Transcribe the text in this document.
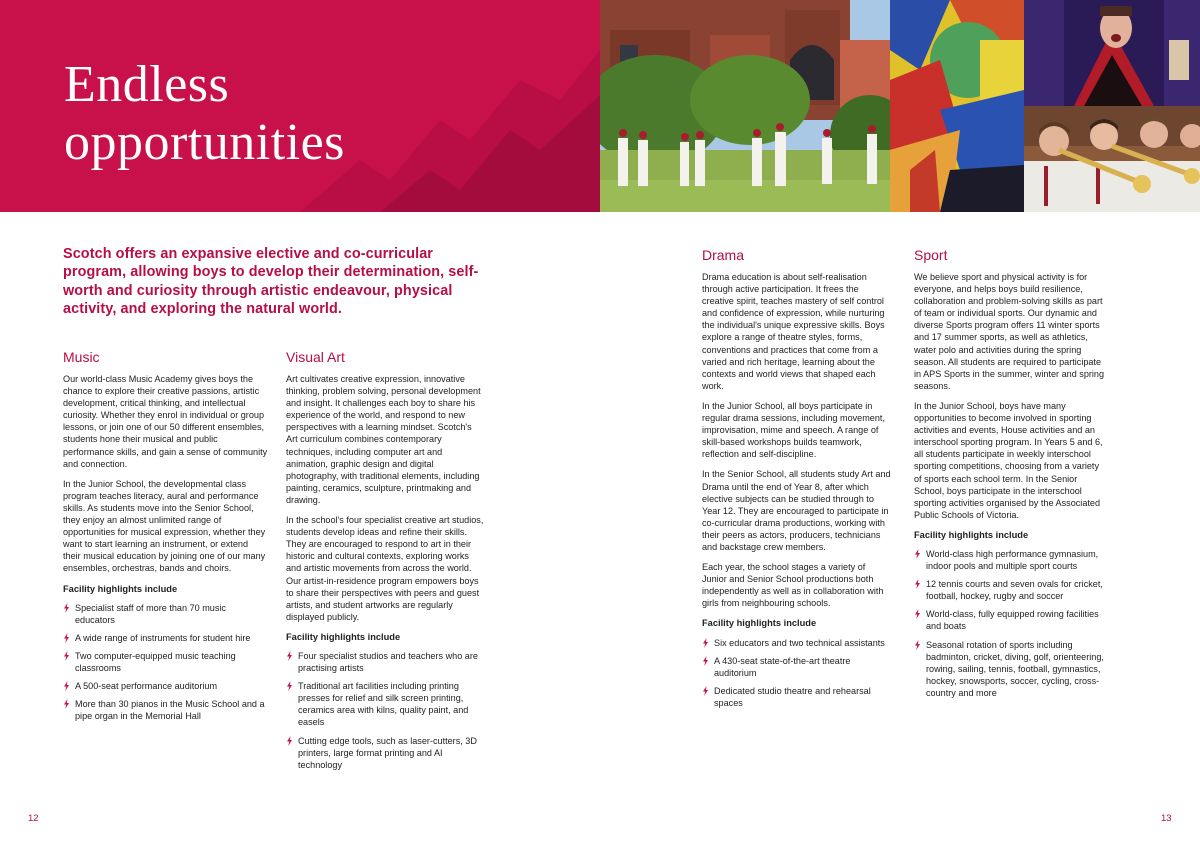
Endless
opportunities

Scotch offers an expansive elective and co-curricular program, allowing boys to develop their determination, self-worth and curiosity through artistic endeavour, physical activity, and exploring the natural world.

Music

Our world-class Music Academy gives boys the chance to explore their creative passions, artistic development, critical thinking, and intellectual curiosity. Whether they enrol in individual or group lessons, or join one of our 50 different ensembles, students hone their musical and public performance skills, and gain a sense of community and connection.

In the Junior School, the developmental class program teaches literacy, aural and performance skills. As students move into the Senior School, they enjoy an almost unlimited range of opportunities for musical expression, whether they want to start learning an instrument, or extend their musical education by joining one of our many ensembles, orchestras, bands and choirs.

Facility highlights include
Specialist staff of more than 70 music educators
A wide range of instruments for student hire
Two computer-equipped music teaching classrooms
A 500-seat performance auditorium
More than 30 pianos in the Music School and a pipe organ in the Memorial Hall
Visual Art

Art cultivates creative expression, innovative thinking, problem solving, personal development and insight. It challenges each boy to share his experience of the world, and respond to new perspectives with a learning mindset. Scotch's Art curriculum combines contemporary techniques, including computer art and animation, graphic design and digital photography, with traditional elements, including painting, ceramics, sculpture, printmaking and drawing.

In the school's four specialist creative art studios, students develop ideas and refine their skills. They are encouraged to respond to art in their historic and cultural contexts, exploring works and artistic movements from across the world. Our artist-in-residence program empowers boys to share their perspectives with peers and guest artists, and student artworks are regularly displayed publicly.

Facility highlights include
Four specialist studios and teachers who are practising artists
Traditional art facilities including printing presses for relief and silk screen printing, ceramics area with kilns, quality paint, and easels
Cutting edge tools, such as laser-cutters, 3D printers, large format printing and AI technology
Drama

Drama education is about self-realisation through active participation. It frees the creative spirit, teaches mastery of self control and confidence of expression, while nurturing the individual's unique expressive skills. Boys explore a range of theatre styles, forms, conventions and practices that come from a varied and rich heritage, learning about the contexts and world views that shaped each work.

In the Junior School, all boys participate in regular drama sessions, including movement, improvisation, mime and speech. A range of skill-based workshops builds teamwork, reflection and self-discipline.

In the Senior School, all students study Art and Drama until the end of Year 8, after which elective subjects can be studied through to Year 12. They are encouraged to participate in co-curricular drama productions, working with their peers as actors, producers, technicians and backstage crew members.

Each year, the school stages a variety of Junior and Senior School productions both independently as well as in collaboration with girls from neighbouring schools.

Facility highlights include
Six educators and two technical assistants
A 430-seat state-of-the-art theatre auditorium
Dedicated studio theatre and rehearsal spaces
Sport

We believe sport and physical activity is for everyone, and helps boys build resilience, collaboration and problem-solving skills as part of team or individual sports. Our dynamic and diverse Sports program offers 11 winter sports and 17 summer sports, as well as athletics, water polo and activities during the spring season. All students are required to participate in APS Sports in the summer, winter and spring seasons.

In the Junior School, boys have many opportunities to become involved in sporting activities and events, House activities and an interschool sporting program. In Years 5 and 6, all students participate in weekly interschool sporting competitions, choosing from a variety of sports each school term. In the Senior School, boys participate in the interschool sporting activities organised by the Associated Public Schools of Victoria.

Facility highlights include
World-class high performance gymnasium, indoor pools and multiple sport courts
12 tennis courts and seven ovals for cricket, football, hockey, rugby and soccer
World-class, fully equipped rowing facilities and boats
Seasonal rotation of sports including badminton, cricket, diving, golf, orienteering, rowing, sailing, tennis, football, gymnastics, hockey, snowsports, soccer, cycling, cross-country and more
12	13
